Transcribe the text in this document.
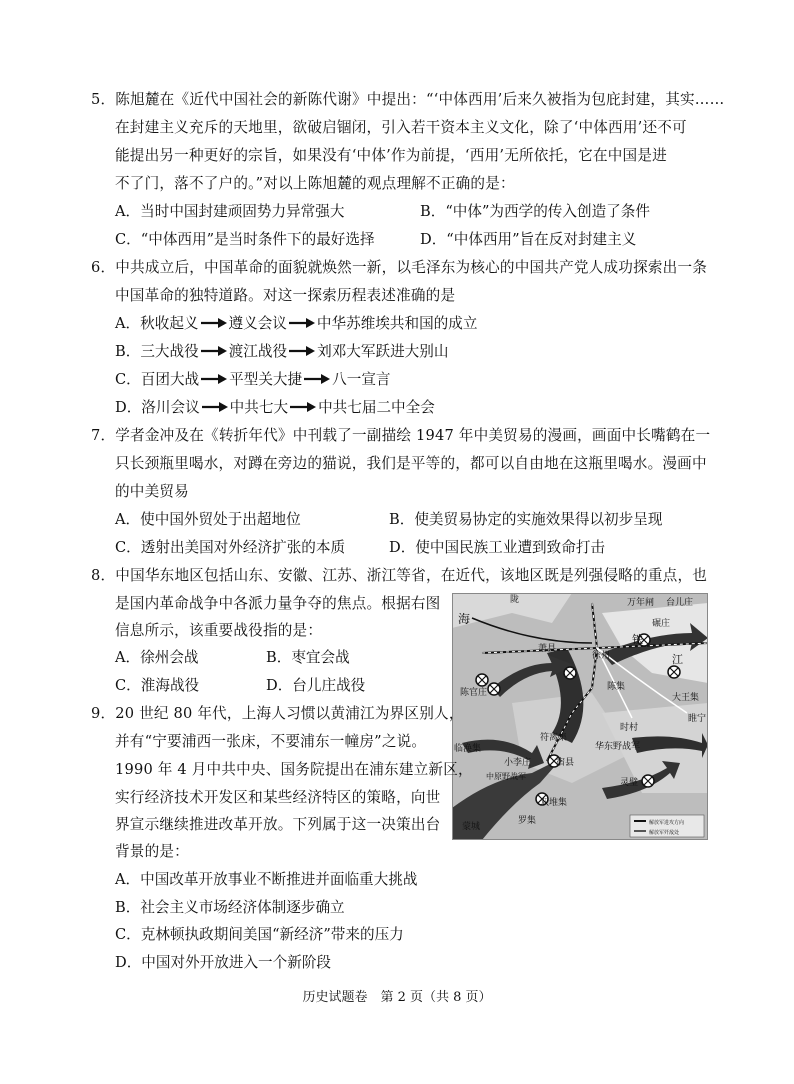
5．陈旭麓在《近代中国社会的新陈代谢》中提出：“‘中体西用’后来久被指为包庇封建，其实……
在封建主义充斥的天地里，欲破启锢闭，引入若干资本主义文化，除了‘中体西用’还不可
能提出另一种更好的宗旨，如果没有‘中体’作为前提，‘西用’无所依托，它在中国是进
不了门，落不了户的。”对以上陈旭麓的观点理解不正确的是：
A．当时中国封建顽固势力异常强大	B．“中体”为西学的传入创造了条件
C．“中体西用”是当时条件下的最好选择	D．“中体西用”旨在反对封建主义
6．中共成立后，中国革命的面貌就焕然一新，以毛泽东为核心的中国共产党人成功探索出一条
中国革命的独特道路。对这一探索历程表述准确的是
A．秋收起义 遵义会议 中华苏维埃共和国的成立
B．三大战役 渡江战役 刘邓大军跃进大别山
C．百团大战 平型关大捷 八一宣言
D．洛川会议 中共七大 中共七届二中全会
7．学者金冲及在《转折年代》中刊载了一副描绘 1947 年中美贸易的漫画，画面中长嘴鹤在一
只长颈瓶里喝水，对蹲在旁边的猫说，我们是平等的，都可以自由地在这瓶里喝水。漫画中
的中美贸易
A．使中国外贸处于出超地位	B．使美贸易协定的实施效果得以初步呈现
C．透射出美国对外经济扩张的本质	D．使中国民族工业遭到致命打击
8．中国华东地区包括山东、安徽、江苏、浙江等省，在近代，该地区既是列强侵略的重点，也
是国内革命战争中各派力量争夺的焦点。根据右图
信息所示，该重要战役指的是：
A．徐州会战	B．枣宜会战
C．淮海战役	D．台儿庄战役
陇
海
万年闸 台儿庄
铁
碾庄
萧县
徐州	江
陈官庄	大王集
陈集
睢宁
时村
符离集
华东野战军
临涣集
宿县
小李庄
中原野战军
灵璧
双堆集
蒙城
罗集	解放军进攻方向
解放军歼敌处
9．20 世纪 80 年代，上海人习惯以黄浦江为界区别人，
并有“宁要浦西一张床，不要浦东一幢房”之说。
1990 年 4 月中共中央、国务院提出在浦东建立新区，
实行经济技术开发区和某些经济特区的策略，向世
界宣示继续推进改革开放。下列属于这一决策出台
背景的是：
A．中国改革开放事业不断推进并面临重大挑战
B．社会主义市场经济体制逐步确立
C．克林顿执政期间美国“新经济”带来的压力
D．中国对外开放进入一个新阶段
历史试题卷　第 2 页（共 8 页）
